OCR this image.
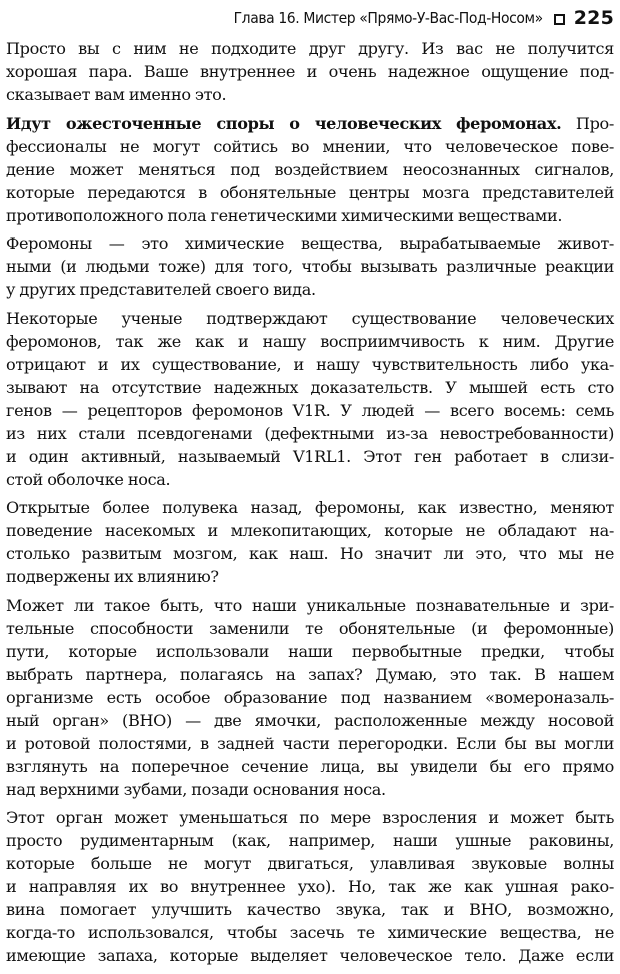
Глава 16. Мистер «Прямо-У-Вас-Под-Носом» 225
Просто вы с ним не подходите друг другу. Из вас не получится
хорошая пара. Ваше внутреннее и очень надежное ощущение под-
сказывает вам именно это.
Идут ожесточенные споры о человеческих феромонах. Про-
фессионалы не могут сойтись во мнении, что человеческое пове-
дение может меняться под воздействием неосознанных сигналов,
которые передаются в обонятельные центры мозга представителей
противоположного пола генетическими химическими веществами.
Феромоны — это химические вещества, вырабатываемые живот-
ными (и людьми тоже) для того, чтобы вызывать различные реакции
у других представителей своего вида.
Некоторые ученые подтверждают существование человеческих
феромонов, так же как и нашу восприимчивость к ним. Другие
отрицают и их существование, и нашу чувствительность либо ука-
зывают на отсутствие надежных доказательств. У мышей есть сто
генов — рецепторов феромонов V1R. У людей — всего восемь: семь
из них стали псевдогенами (дефектными из-за невостребованности)
и один активный, называемый V1RL1. Этот ген работает в слизи-
стой оболочке носа.
Открытые более полувека назад, феромоны, как известно, меняют
поведение насекомых и млекопитающих, которые не обладают на-
столько развитым мозгом, как наш. Но значит ли это, что мы не
подвержены их влиянию?
Может ли такое быть, что наши уникальные познавательные и зри-
тельные способности заменили те обонятельные (и феромонные)
пути, которые использовали наши первобытные предки, чтобы
выбрать партнера, полагаясь на запах? Думаю, это так. В нашем
организме есть особое образование под названием «вомероназаль-
ный орган» (ВНО) — две ямочки, расположенные между носовой
и ротовой полостями, в задней части перегородки. Если бы вы могли
взглянуть на поперечное сечение лица, вы увидели бы его прямо
над верхними зубами, позади основания носа.
Этот орган может уменьшаться по мере взросления и может быть
просто рудиментарным (как, например, наши ушные раковины,
которые больше не могут двигаться, улавливая звуковые волны
и направляя их во внутреннее ухо). Но, так же как ушная рако-
вина помогает улучшить качество звука, так и ВНО, возможно,
когда-то использовался, чтобы засечь те химические вещества, не
имеющие запаха, которые выделяет человеческое тело. Даже если
